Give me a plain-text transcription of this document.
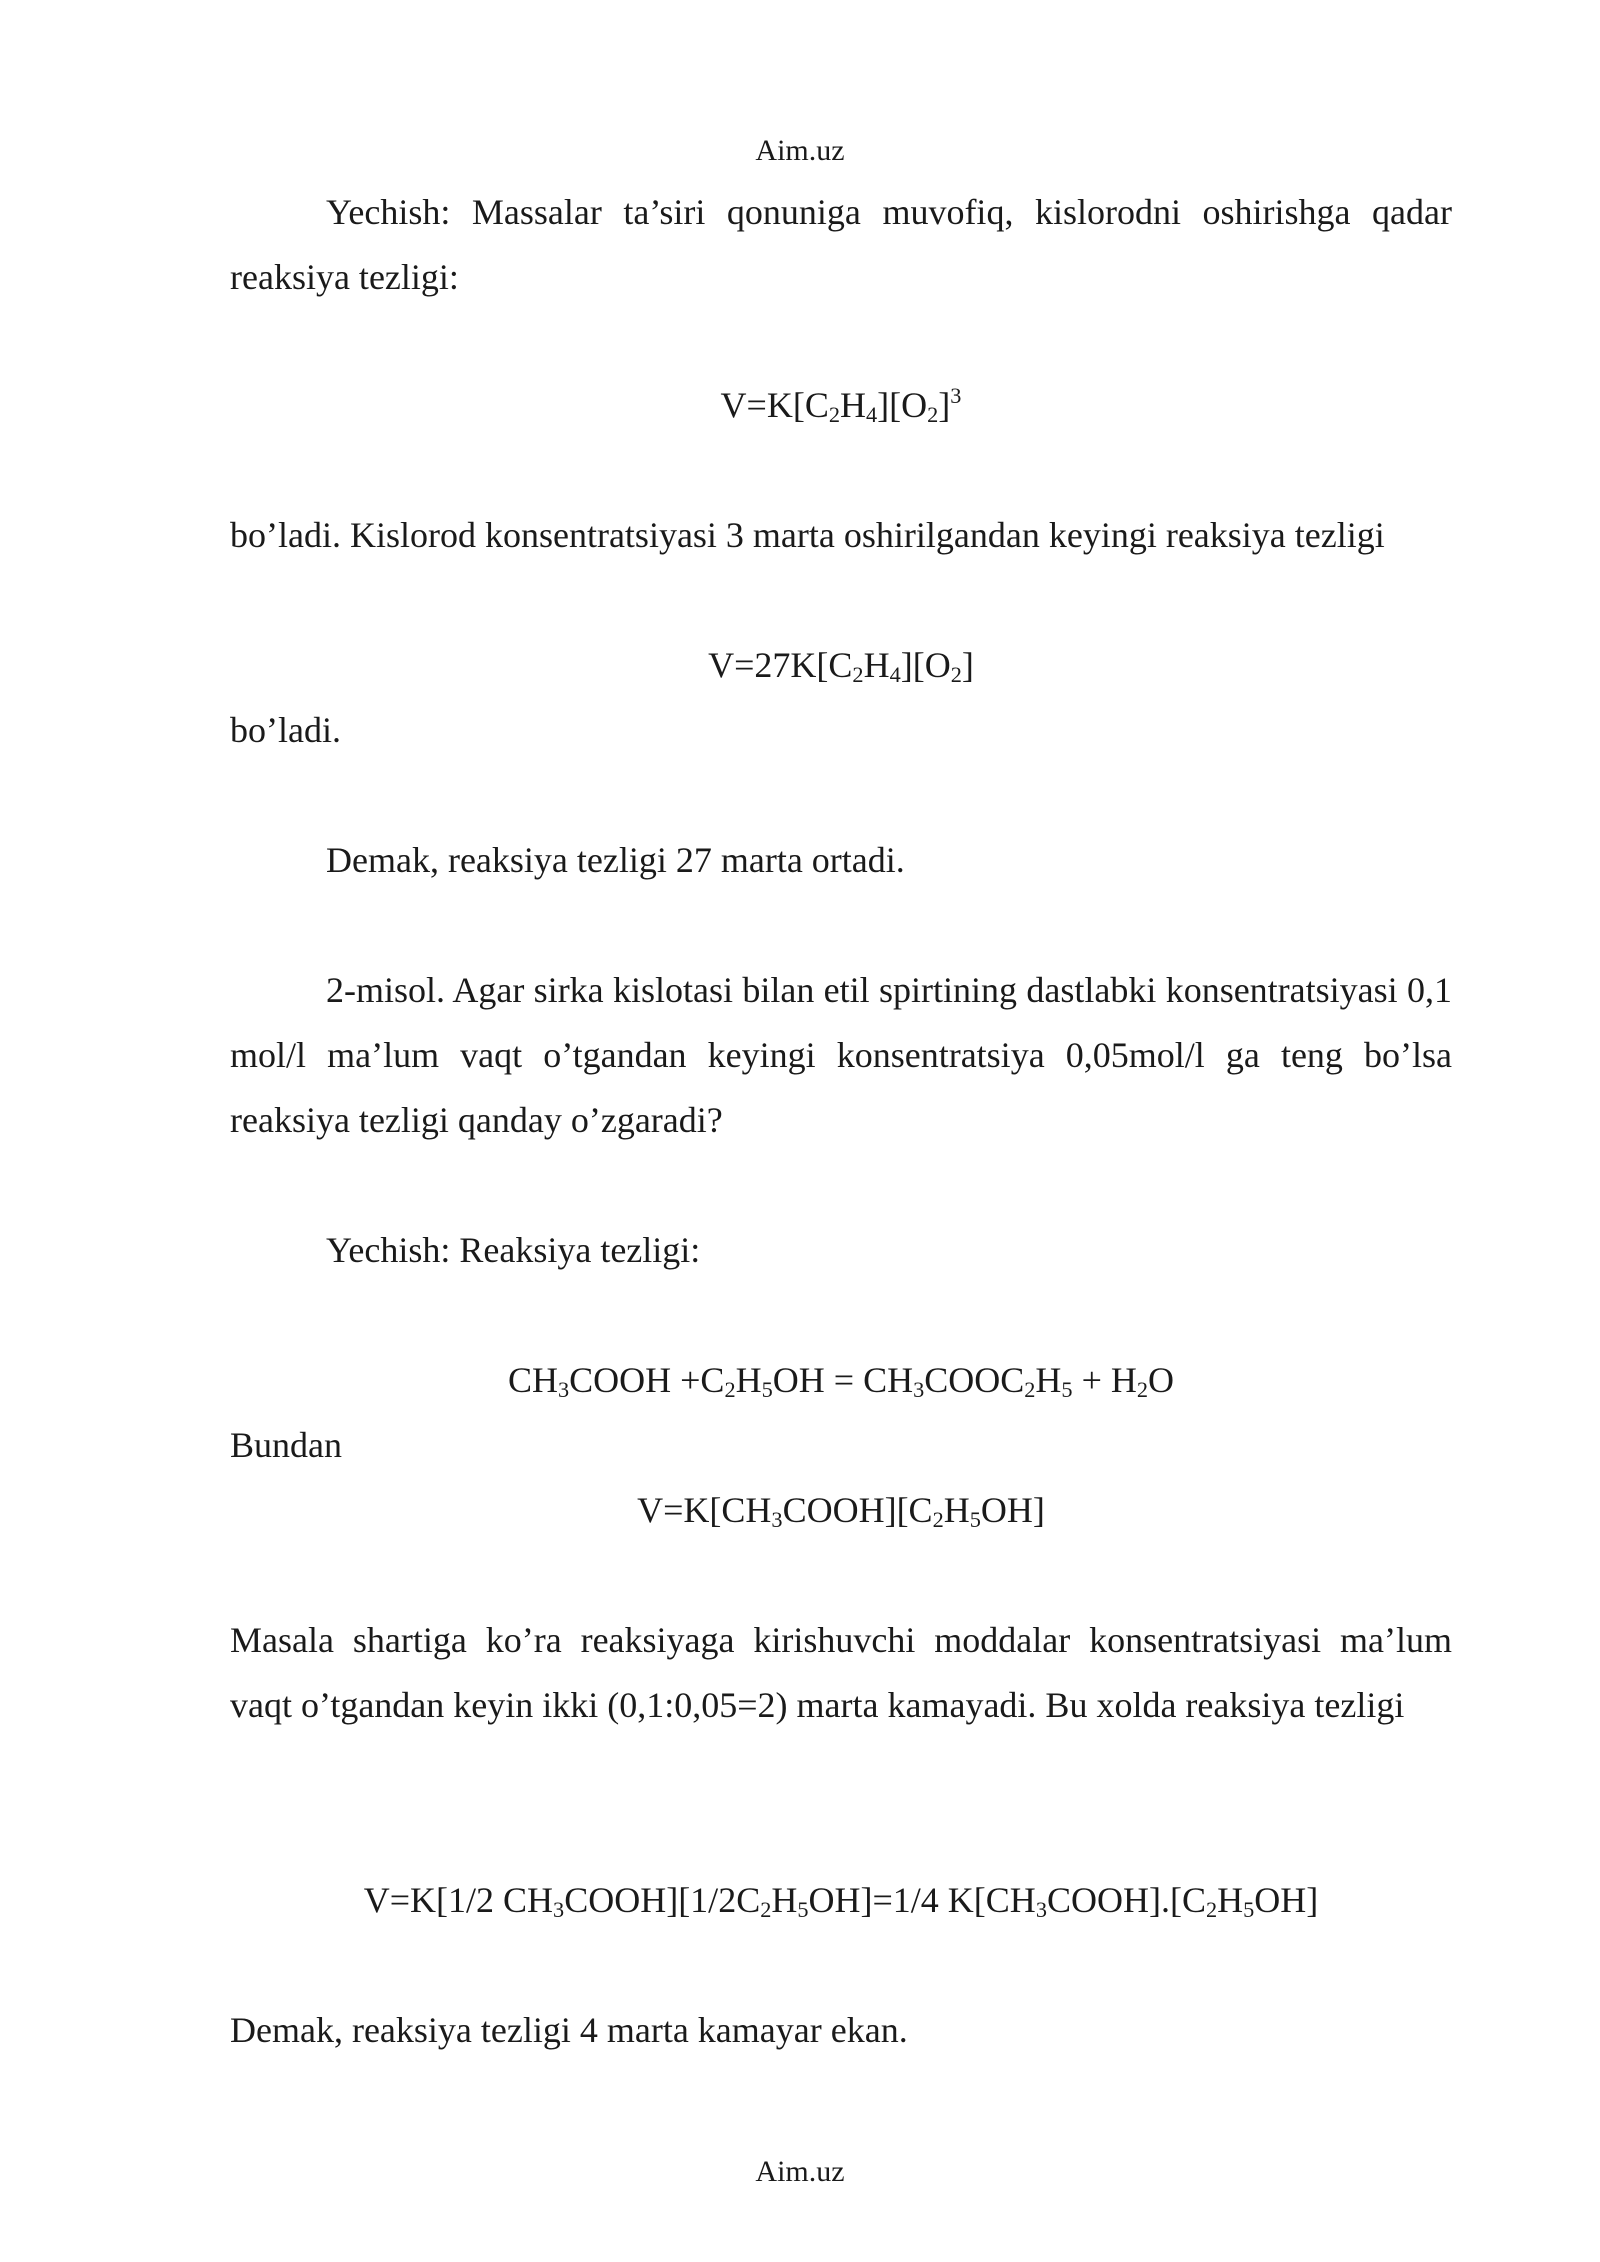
Aim.uz
Yechish: Massalar ta’siri qonuniga muvofiq, kislorodni oshirishga qadar reaksiya tezligi:
$V=K[C_2H_4][O_2]^3$
bo’ladi. Kislorod konsentratsiyasi 3 marta oshirilgandan keyingi reaksiya tezligi
$V=27K[C_2H_4][O_2]$
bo’ladi.
Demak, reaksiya tezligi 27 marta ortadi.
2-misol. Agar sirka kislotasi bilan etil spirtining dastlabki konsentratsiyasi 0,1 mol/l ma’lum vaqt o’tgandan keyingi konsentratsiya 0,05mol/l ga teng bo’lsa reaksiya tezligi qanday o’zgaradi?
Yechish: Reaksiya tezligi:
$CH_3COOH +C_2H_5OH$ = $CH_3COOC_2H_5 + H_2O$
Bundan
$V=K[CH_3COOH][C_2H_5OH]$
Masala shartiga ko’ra reaksiyaga kirishuvchi moddalar konsentratsiyasi ma’lum vaqt o’tgandan keyin ikki (0,1:0,05=2) marta kamayadi. Bu xolda reaksiya tezligi
V=K[1/2 $CH_3COOH][1/2C_2H_5OH]=1/4$ $K[CH_3COOH].[C_2H_5OH]$
Demak, reaksiya tezligi 4 marta kamayar ekan.
Aim.uz
